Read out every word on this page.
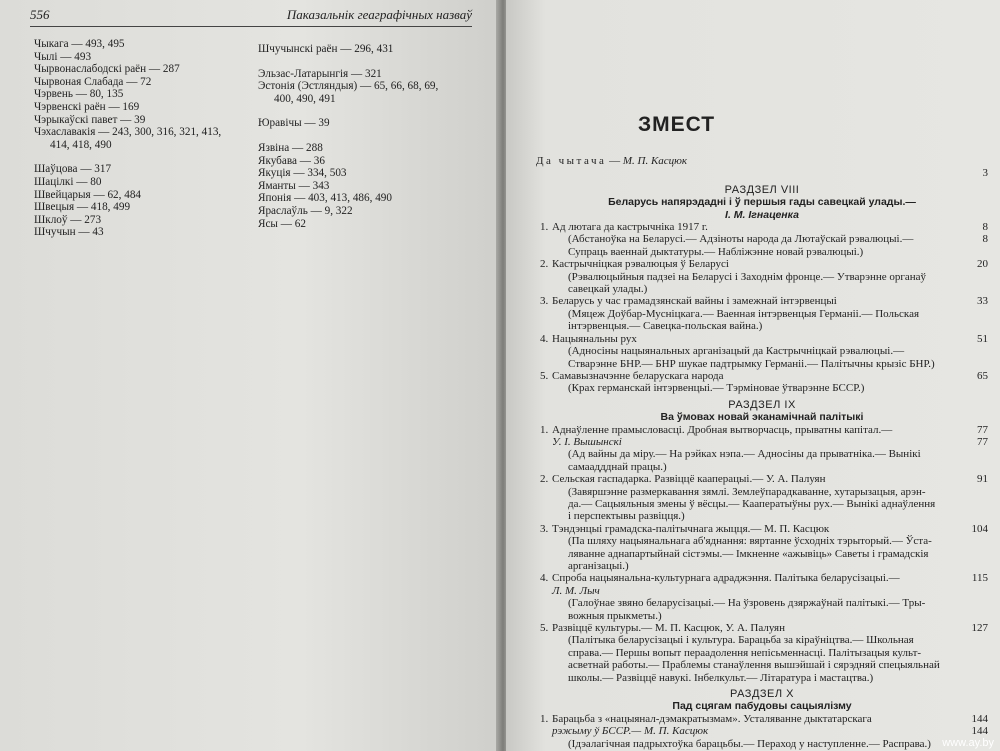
556	Паказальнік геаграфічных назваў
Чыкага — 493, 495
Чылі — 493
Чырвонаслабодскі раён — 287
Чырвоная Слабада — 72
Чэрвень — 80, 135
Чэрвенскі раён — 169
Чэрыкаўскі павет — 39
Чэхаславакія — 243, 300, 316, 321, 413,
414, 418, 490
Шаўцова — 317
Шацілкі — 80
Швейцарыя — 62, 484
Швецыя — 418, 499
Шклоў — 273
Шчучын — 43
Шчучынскі раён — 296, 431
Эльзас-Латарынгія — 321
Эстонія (Эстляндыя) — 65, 66, 68, 69,
400, 490, 491
Юравічы — 39
Язвіна — 288
Якубава — 36
Якуція — 334, 503
Яманты — 343
Японія — 403, 413, 486, 490
Яраслаўль — 9, 322
Ясы — 62
ЗМЕСТ
Да чытача — М. П. Касцюк
3

РАЗДЗЕЛ VIII
Беларусь напярэдадні і ў першыя гады савецкай улады.—
І. М. Ігнаценка
1. Ад лютага да кастрычніка 1917 г.	8
(Абстаноўка на Беларусі.— Адзіноты народа да Лютаўскай рэвалюцыі.—	8
Супраць ваеннай дыктатуры.— Набліжэнне новай рэвалюцыі.)
2. Кастрычніцкая рэвалюцыя ў Беларусі	20
(Рэвалюцыйныя падзеі на Беларусі і Заходнім фронце.— Утварэнне органаў
савецкай улады.)
3. Беларусь у час грамадзянскай вайны і замежнай інтэрвенцыі	33
(Мяцеж Доўбар-Мусніцкага.— Ваенная інтэрвенцыя Германіі.— Польская
інтэрвенцыя.— Савецка-польская вайна.)
4. Нацыянальны рух	51
(Адносіны нацыянальных арганізацый да Кастрычніцкай рэвалюцыі.—
Стварэнне БНР.— БНР шукае падтрымку Германіі.— Палітычны крызіс БНР.)
5. Самавызначэнне беларускага народа	65
(Крах германскай інтэрвенцыі.— Тэрміновае ўтварэнне БССР.)
РАЗДЗЕЛ IX
Ва ўмовах новай эканамічнай палітыкі
1. Аднаўленне прамысловасці. Дробная вытворчасць, прыватны капітал.—	77
У. І. Вышынскі	77
(Ад вайны да міру.— На рэйках нэпа.— Адносіны да прыватніка.— Вынікі
самааддднай працы.)
2. Сельская гаспадарка. Развіццё кааперацыі.— У. А. Палуян	91
(Завяршэнне размеркавання зямлі. Землеўпарадкаванне, хутарызацыя, арэн-
да.— Сацыяльныя змены ў вёсцы.— Кааператыўны рух.— Вынікі аднаўлення
і перспектывы развіцця.)
3. Тэндэнцыі грамадска-палітычнага жыцця.— М. П. Касцюк	104
(Па шляху нацыянальнага аб'яднання: вяртанне ўсходніх тэрыторый.— Ўста-
ляванне аднапартыйнай сістэмы.— Імкненне «ажывіць» Саветы і грамадскія
арганізацыі.)
4. Спроба нацыянальна-культурнага адраджэння. Палітыка беларусізацыі.—	115
Л. М. Лыч
(Галоўнае звяно беларусізацыі.— На ўзровень дзяржаўнай палітыкі.— Тры-
вожныя прыкметы.)
5. Развіццё культуры.— М. П. Касцюк, У. А. Палуян	127
(Палітыка беларусізацыі і культура. Барацьба за кіраўніцтва.— Школьная
справа.— Першы вопыт пераадолення непісьменнасці. Палітызацыя культ-
асветнай работы.— Праблемы станаўлення вышэйшай і сярэдняй спецыяльнай
школы.— Развіццё навукі. Інбелкульт.— Літаратура і мастацтва.)
РАЗДЗЕЛ X
Пад сцягам пабудовы сацыялізму
1. Барацьба з «нацыянал-дэмакратызмам». Усталяванне дыктатарскага	144
рэжыму ў БССР.— М. П. Касцюк	144
(Ідэалагічная падрыхтоўка барацьбы.— Пераход у наступленне.— Расправа.)	www.ay.by
